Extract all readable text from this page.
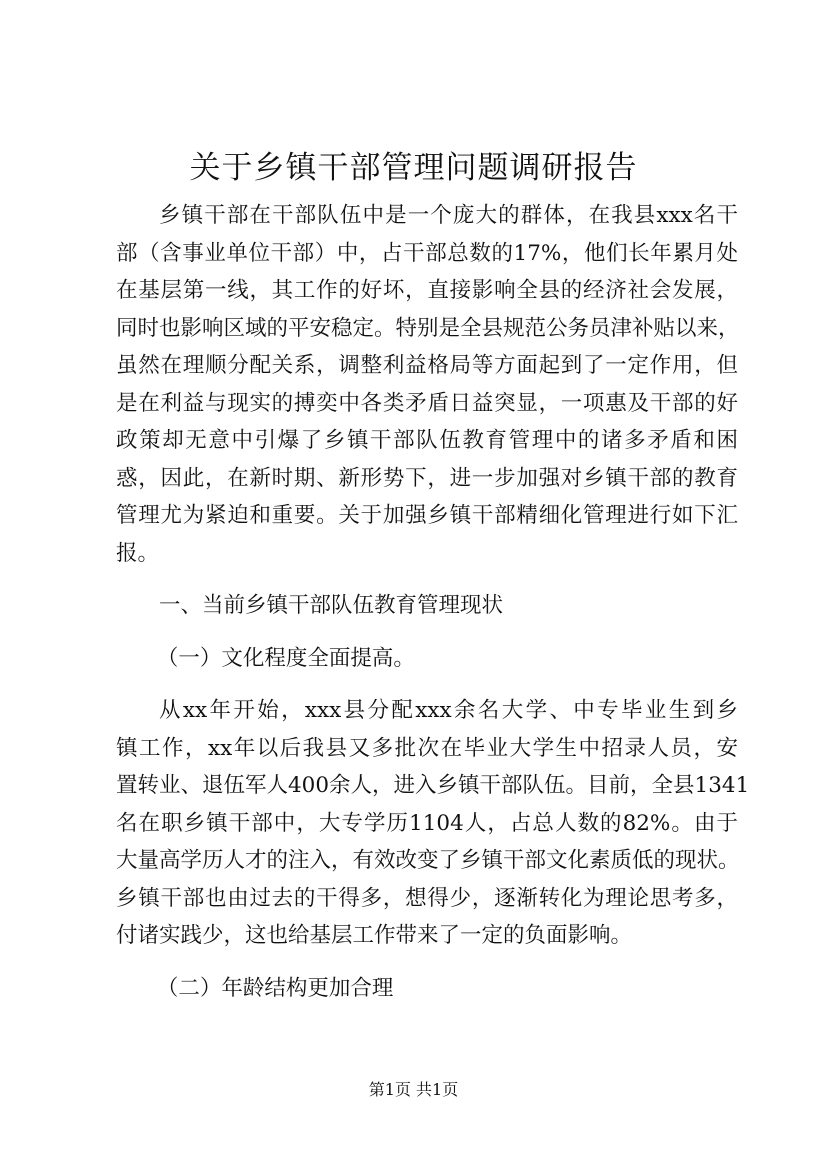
关于乡镇干部管理问题调研报告
乡镇干部在干部队伍中是一个庞大的群体，在我县xxx名干
部（含事业单位干部）中，占干部总数的17%，他们长年累月处
在基层第一线，其工作的好坏，直接影响全县的经济社会发展，
同时也影响区域的平安稳定。特别是全县规范公务员津补贴以来，
虽然在理顺分配关系，调整利益格局等方面起到了一定作用，但
是在利益与现实的搏奕中各类矛盾日益突显，一项惠及干部的好
政策却无意中引爆了乡镇干部队伍教育管理中的诸多矛盾和困
惑，因此，在新时期、新形势下，进一步加强对乡镇干部的教育
管理尤为紧迫和重要。关于加强乡镇干部精细化管理进行如下汇
报。
一、当前乡镇干部队伍教育管理现状
（一）文化程度全面提高。
从xx年开始，xxx县分配xxx余名大学、中专毕业生到乡
镇工作，xx年以后我县又多批次在毕业大学生中招录人员，安
置转业、退伍军人400余人，进入乡镇干部队伍。目前，全县1341
名在职乡镇干部中，大专学历1104人，占总人数的82%。由于
大量高学历人才的注入，有效改变了乡镇干部文化素质低的现状。
乡镇干部也由过去的干得多，想得少，逐渐转化为理论思考多，
付诸实践少，这也给基层工作带来了一定的负面影响。
（二）年龄结构更加合理
第1页 共1页
